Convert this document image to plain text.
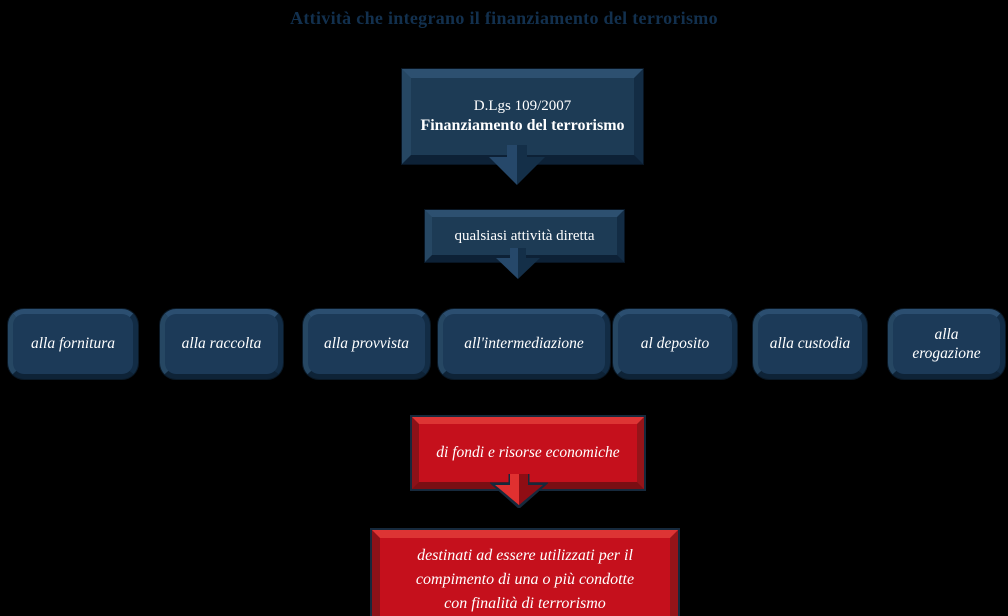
Attività che integrano il finanziamento del terrorismo
D.Lgs 109/2007
Finanziamento del terrorismo
qualsiasi attività diretta
alla fornitura	alla raccolta	alla provvista	all'intermediazione	al deposito	alla custodia
alla erogazione
di fondi e risorse economiche
destinati ad essere utilizzati per il
compimento di una o più condotte
con finalità di terrorismo
